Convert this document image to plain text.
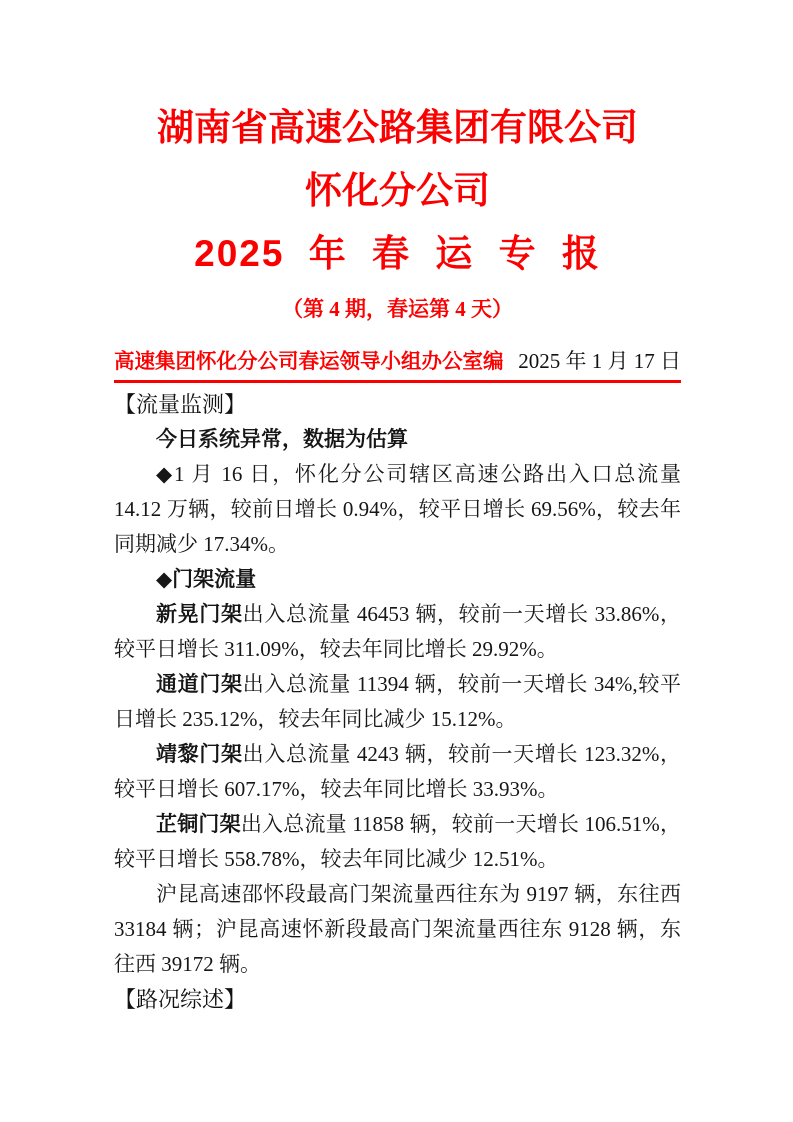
湖南省高速公路集团有限公司
怀化分公司
2025 年 春 运 专 报
（第 4 期，春运第 4 天）
高速集团怀化分公司春运领导小组办公室编 2025 年 1 月 17 日
【流量监测】

今日系统异常，数据为估算

◆1 月 16 日，怀化分公司辖区高速公路出入口总流量 14.12 万辆，较前日增长 0.94%，较平日增长 69.56%，较去年同期减少 17.34%。

◆门架流量

新晃门架出入总流量 46453 辆，较前一天增长 33.86%，较平日增长 311.09%，较去年同比增长 29.92%。

通道门架出入总流量 11394 辆，较前一天增长 34%,较平日增长 235.12%，较去年同比减少 15.12%。

靖黎门架出入总流量 4243 辆，较前一天增长 123.32%，较平日增长 607.17%，较去年同比增长 33.93%。

芷铜门架出入总流量 11858 辆，较前一天增长 106.51%，较平日增长 558.78%，较去年同比减少 12.51%。

沪昆高速邵怀段最高门架流量西往东为 9197 辆，东往西 33184 辆；沪昆高速怀新段最高门架流量西往东 9128 辆，东往西 39172 辆。

【路况综述】
